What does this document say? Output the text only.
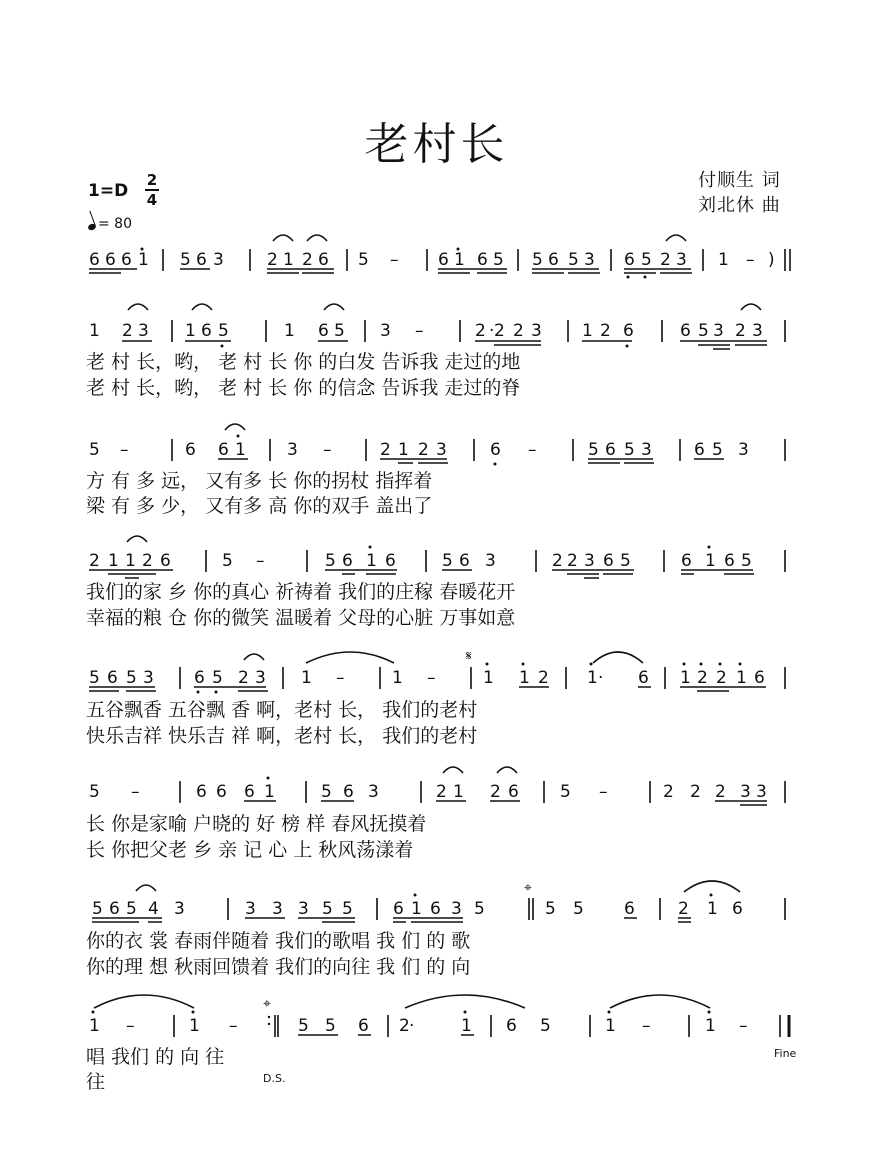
老村长
付顺生 词
刘北休 曲
1=D
2
4
= 80
6 6 6 1 5 6 3	2 1 2 6 5 – 6 1 6 5 5 6 5 3 6 5 2 3 1 – )
1 2 3 1 6 5	1 6 5 3 –	2 2 2 3 1 2 6	6 5 3 2 3
·
5 –	6 6 1 3 –	2 1 2 3	6 –	5 6 5 3 6 5 3
2 1 1 2 6	5 –	5 6 1 6	5 6 3	2 2 3 6 5	6 1 6 5
5 6 5 3 6 5 2 3 1 –	1 –	1 1 2 1· 6 1 2 2 1 6
𝄋
5 –	6 6 6 1	5 6 3	2 1 2 6 5 –	2 2 2 3 3
5 6 5 4 3	3 3 3 5 5 6 1 6 3 5	5 5 6	2 1 6
⌖
1 –	1 –	5 5 6 2·	1 6 5	1 –	1 –
⌖
老 村 长，哟， 老 村 长 你 的白发 告诉我 走过的地
老 村 长，哟， 老 村 长 你 的信念 告诉我 走过的脊
方 有 多 远， 又有多 长 你的拐杖 指挥着
梁 有 多 少， 又有多 高 你的双手 盖出了
我们的家 乡 你的真心 祈祷着 我们的庄稼 春暖花开
幸福的粮 仓 你的微笑 温暖着 父母的心脏 万事如意
五谷飘香 五谷飘 香 啊，老村 长， 我们的老村
快乐吉祥 快乐吉 祥 啊，老村 长， 我们的老村
长 你是家喻 户晓的 好 榜 样 春风抚摸着
长 你把父老 乡 亲 记 心 上 秋风荡漾着
你的衣 裳 春雨伴随着 我们的歌唱 我 们 的 歌
你的理 想 秋雨回馈着 我们的向往 我 们 的 向
唱 我们 的 向 往
往
Fine
D.S.
